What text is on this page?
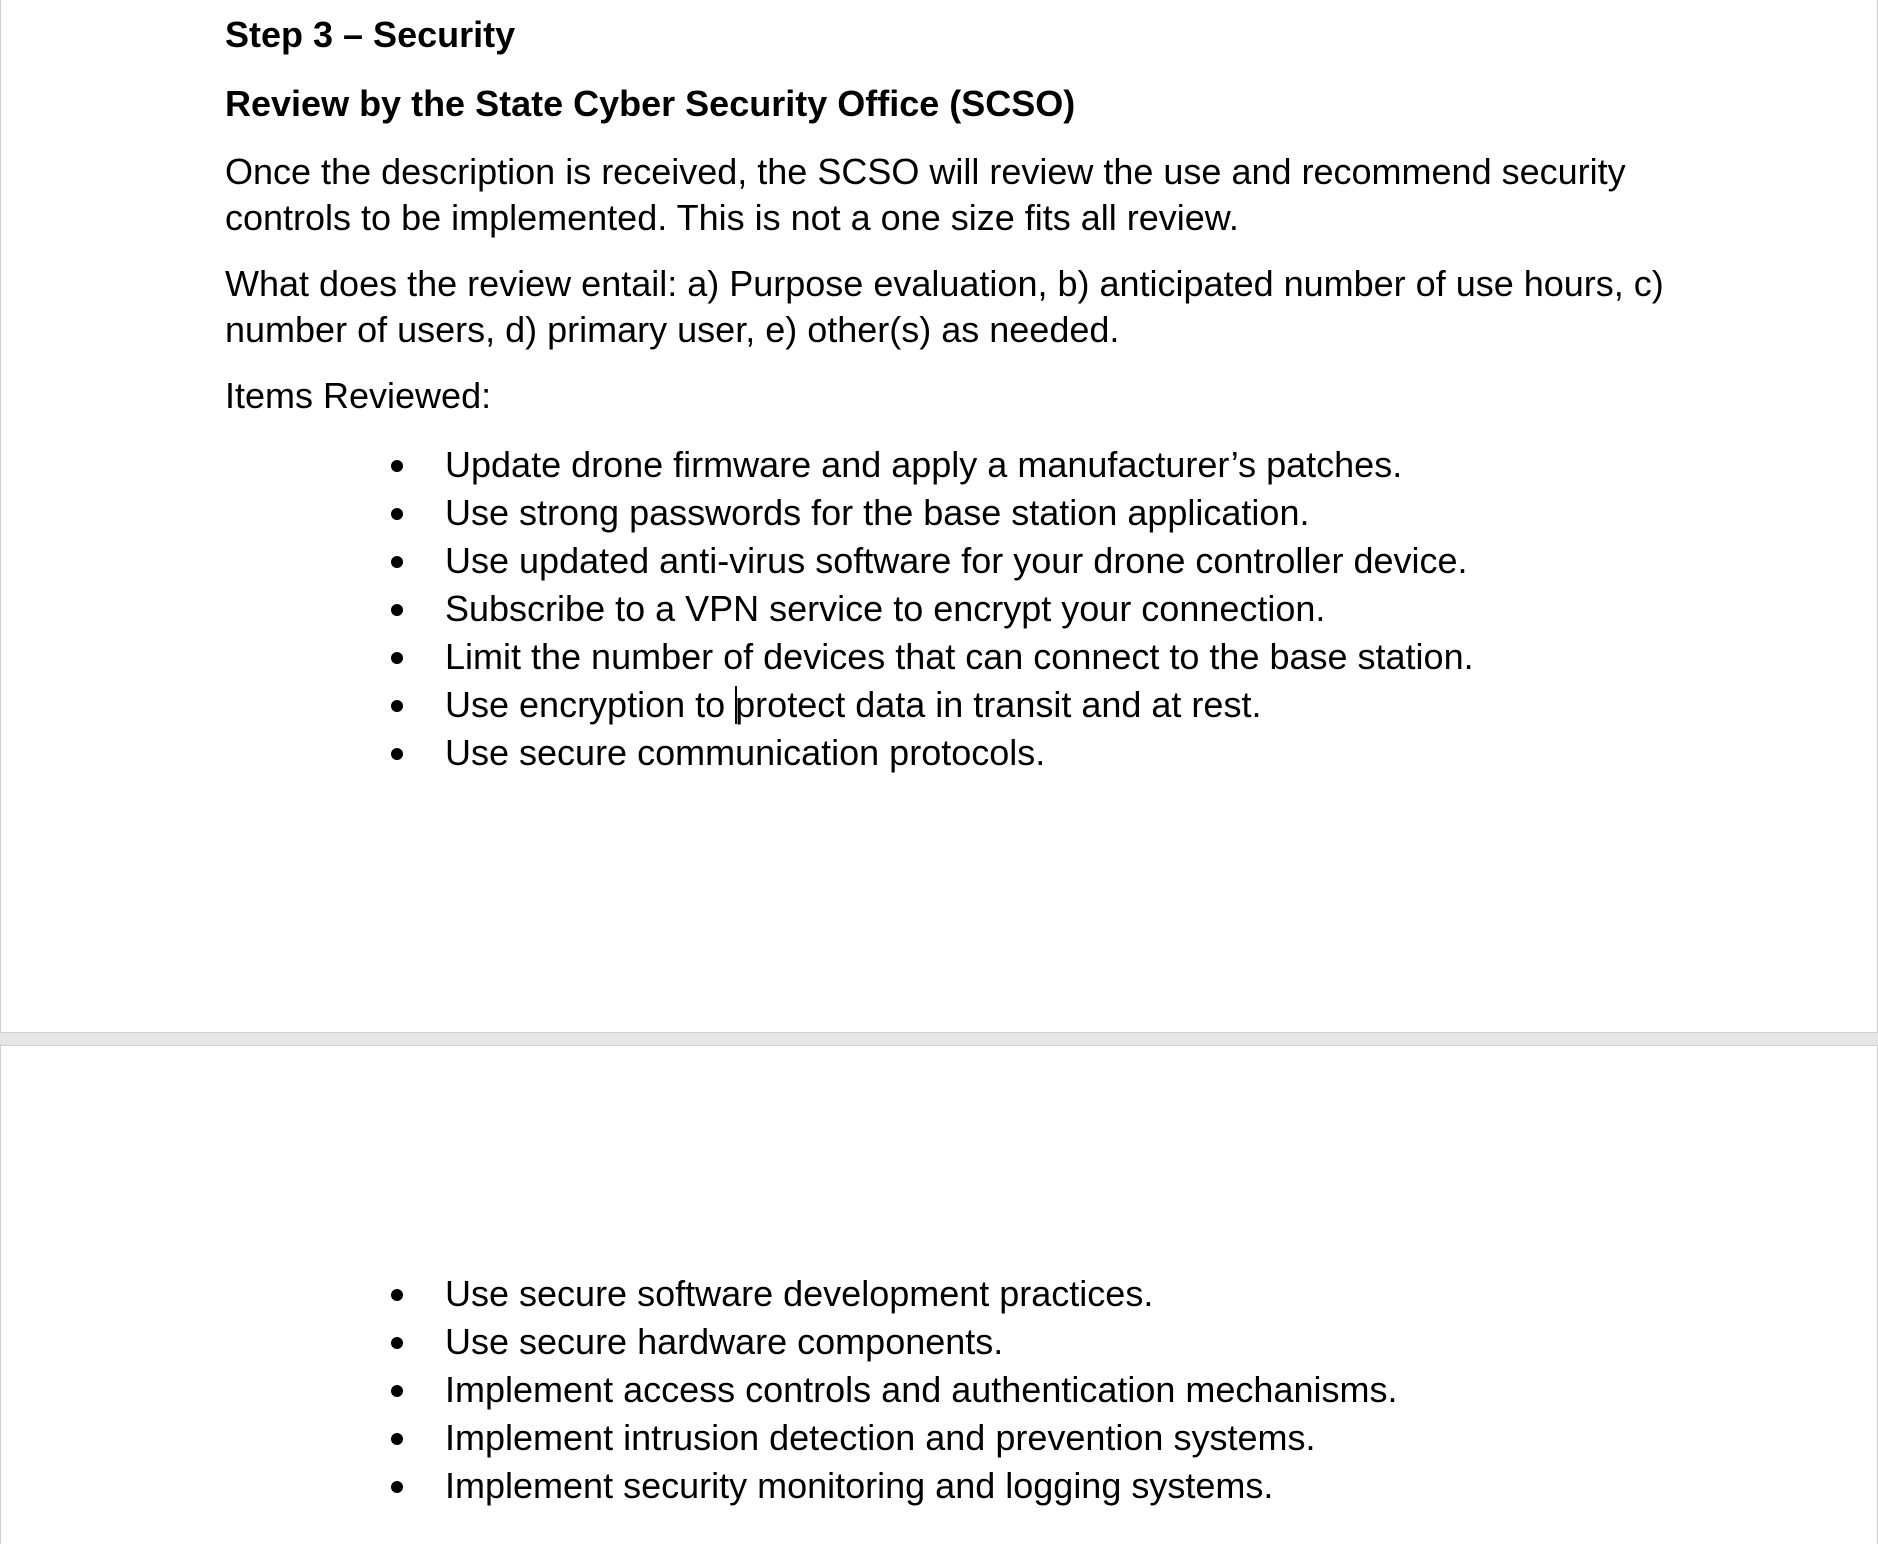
Step 3 – Security
Review by the State Cyber Security Office (SCSO)

Once the description is received, the SCSO will review the use and recommend security controls to be implemented. This is not a one size fits all review.

What does the review entail: a) Purpose evaluation, b) anticipated number of use hours, c) number of users, d) primary user, e) other(s) as needed.

Items Reviewed:

Update drone firmware and apply a manufacturer’s patches.
Use strong passwords for the base station application.
Use updated anti-virus software for your drone controller device.
Subscribe to a VPN service to encrypt your connection.
Limit the number of devices that can connect to the base station.
Use encryption to protect data in transit and at rest.
Use secure communication protocols.
Use secure software development practices.
Use secure hardware components.
Implement access controls and authentication mechanisms.
Implement intrusion detection and prevention systems.
Implement security monitoring and logging systems.
